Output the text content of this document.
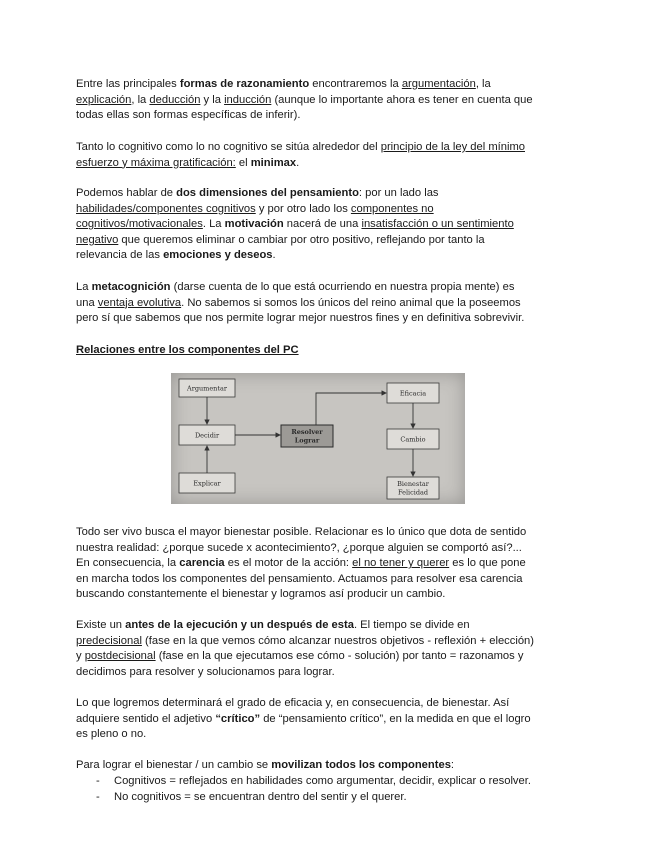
Entre las principales formas de razonamiento encontraremos la argumentación, la
explicación, la deducción y la inducción (aunque lo importante ahora es tener en cuenta que
todas ellas son formas específicas de inferir).
Tanto lo cognitivo como lo no cognitivo se sitúa alrededor del principio de la ley del mínimo
esfuerzo y máxima gratificación: el minimax.
Podemos hablar de dos dimensiones del pensamiento: por un lado las
habilidades/componentes cognitivos y por otro lado los componentes no
cognitivos/motivacionales. La motivación nacerá de una insatisfacción o un sentimiento
negativo que queremos eliminar o cambiar por otro positivo, reflejando por tanto la
relevancia de las emociones y deseos.
La metacognición (darse cuenta de lo que está ocurriendo en nuestra propia mente) es
una ventaja evolutiva. No sabemos si somos los únicos del reino animal que la poseemos
pero sí que sabemos que nos permite lograr mejor nuestros fines y en definitiva sobrevivir.
Relaciones entre los componentes del PC
Argumentar
Decidir
Explicar
Resolver
Lograr
Eficacia
Cambio
Bienestar
Felicidad
Todo ser vivo busca el mayor bienestar posible. Relacionar es lo único que dota de sentido
nuestra realidad: ¿porque sucede x acontecimiento?, ¿porque alguien se comportó así?...
En consecuencia, la carencia es el motor de la acción: el no tener y querer es lo que pone
en marcha todos los componentes del pensamiento. Actuamos para resolver esa carencia
buscando constantemente el bienestar y logramos así producir un cambio.
Existe un antes de la ejecución y un después de esta. El tiempo se divide en
predecisional (fase en la que vemos cómo alcanzar nuestros objetivos - reflexión + elección)
y postdecisional (fase en la que ejecutamos ese cómo - solución) por tanto = razonamos y
decidimos para resolver y solucionamos para lograr.
Lo que logremos determinará el grado de eficacia y, en consecuencia, de bienestar. Así
adquiere sentido el adjetivo “crítico” de “pensamiento crítico”, en la medida en que el logro
es pleno o no.
Para lograr el bienestar / un cambio se movilizan todos los componentes:
- Cognitivos = reflejados en habilidades como argumentar, decidir, explicar o resolver.
- No cognitivos = se encuentran dentro del sentir y el querer.
